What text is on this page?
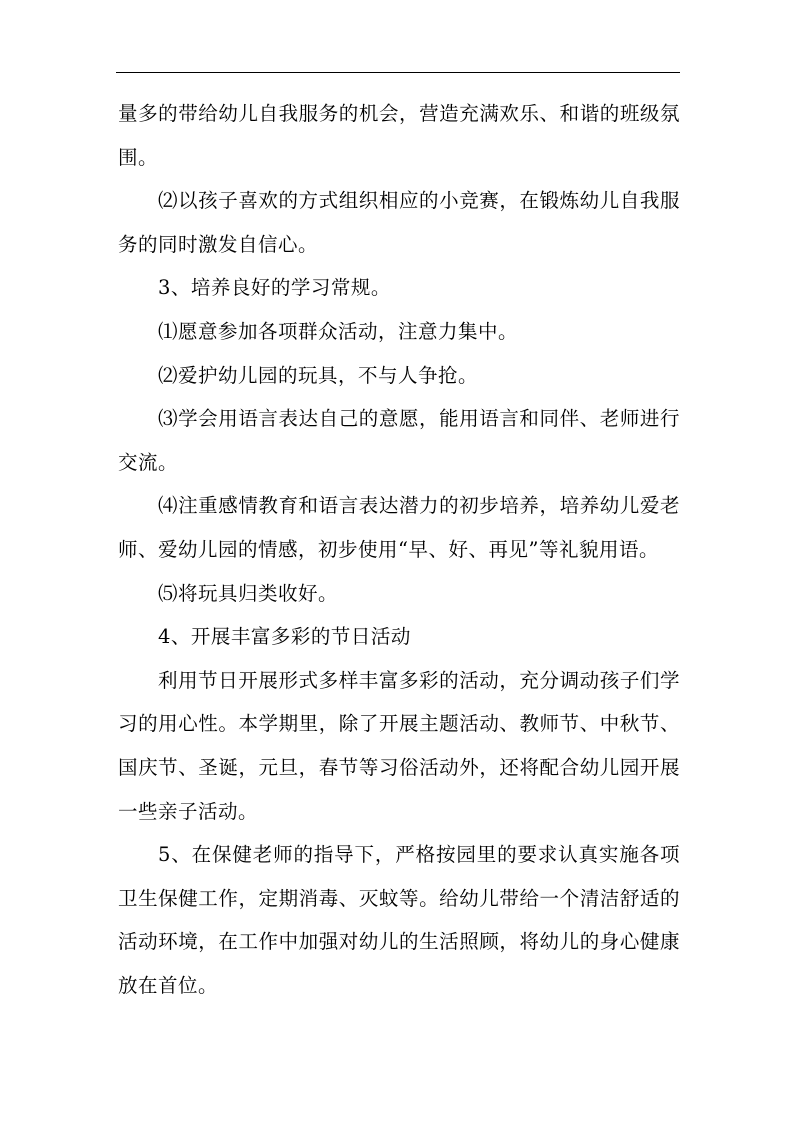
量多的带给幼儿自我服务的机会，营造充满欢乐、和谐的班级氛围。

⑵以孩子喜欢的方式组织相应的小竞赛，在锻炼幼儿自我服务的同时激发自信心。

3、培养良好的学习常规。

⑴愿意参加各项群众活动，注意力集中。

⑵爱护幼儿园的玩具，不与人争抢。

⑶学会用语言表达自己的意愿，能用语言和同伴、老师进行交流。

⑷注重感情教育和语言表达潜力的初步培养，培养幼儿爱老师、爱幼儿园的情感，初步使用“早、好、再见”等礼貌用语。

⑸将玩具归类收好。

4、开展丰富多彩的节日活动

利用节日开展形式多样丰富多彩的活动，充分调动孩子们学习的用心性。本学期里，除了开展主题活动、教师节、中秋节、国庆节、圣诞，元旦，春节等习俗活动外，还将配合幼儿园开展一些亲子活动。

5、在保健老师的指导下，严格按园里的要求认真实施各项卫生保健工作，定期消毒、灭蚊等。给幼儿带给一个清洁舒适的活动环境，在工作中加强对幼儿的生活照顾，将幼儿的身心健康放在首位。
